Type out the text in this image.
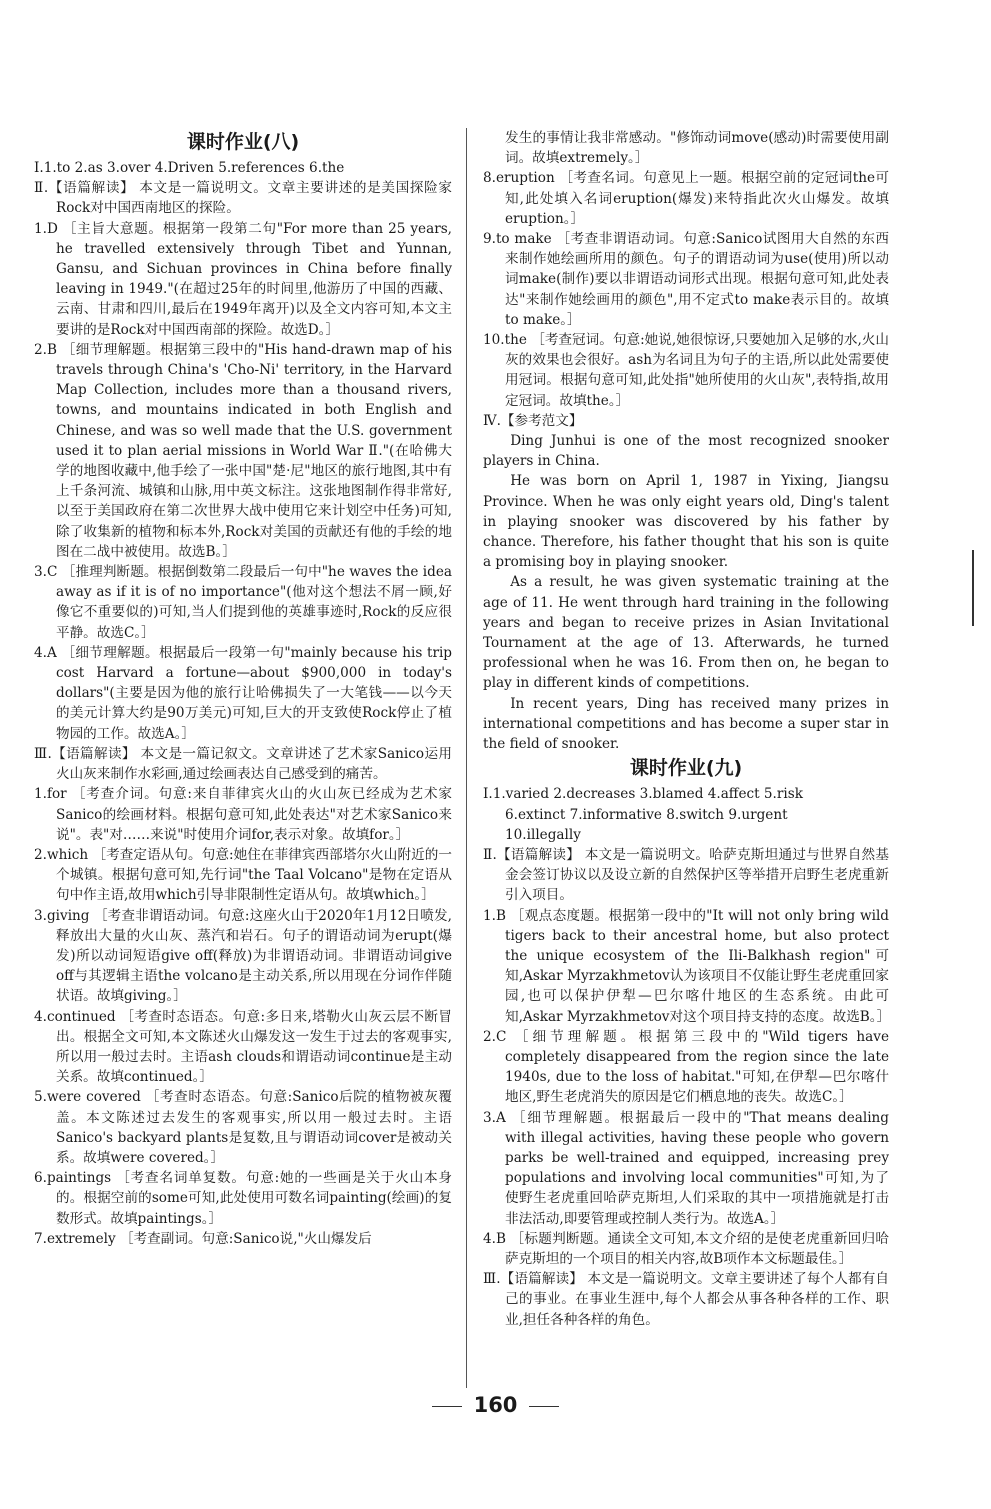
课时作业(八)

Ⅰ.1.to 2.as 3.over 4.Driven 5.references 6.the

Ⅱ.【语篇解读】 本文是一篇说明文。文章主要讲述的是美国探险家Rock对中国西南地区的探险。

1.D ［主旨大意题。根据第一段第二句"For more than 25 years, he travelled extensively through Tibet and Yunnan, Gansu, and Sichuan provinces in China before finally leaving in 1949."(在超过25年的时间里,他游历了中国的西藏、云南、甘肃和四川,最后在1949年离开)以及全文内容可知,本文主要讲的是Rock对中国西南部的探险。故选D。］

2.B ［细节理解题。根据第三段中的"His hand-drawn map of his travels through China's 'Cho-Ni' territory, in the Harvard Map Collection, includes more than a thousand rivers, towns, and mountains indicated in both English and Chinese, and was so well made that the U.S. government used it to plan aerial missions in World War Ⅱ."(在哈佛大学的地图收藏中,他手绘了一张中国"楚·尼"地区的旅行地图,其中有上千条河流、城镇和山脉,用中英文标注。这张地图制作得非常好,以至于美国政府在第二次世界大战中使用它来计划空中任务)可知,除了收集新的植物和标本外,Rock对美国的贡献还有他的手绘的地图在二战中被使用。故选B。］

3.C ［推理判断题。根据倒数第二段最后一句中"he waves the idea away as if it is of no importance"(他对这个想法不屑一顾,好像它不重要似的)可知,当人们提到他的英雄事迹时,Rock的反应很平静。故选C。］

4.A ［细节理解题。根据最后一段第一句"mainly because his trip cost Harvard a fortune—about $900,000 in today's dollars"(主要是因为他的旅行让哈佛损失了一大笔钱——以今天的美元计算大约是90万美元)可知,巨大的开支致使Rock停止了植物园的工作。故选A。］

Ⅲ.【语篇解读】 本文是一篇记叙文。文章讲述了艺术家Sanico运用火山灰来制作水彩画,通过绘画表达自己感受到的痛苦。

1.for ［考查介词。句意:来自菲律宾火山的火山灰已经成为艺术家Sanico的绘画材料。根据句意可知,此处表达"对艺术家Sanico来说"。表"对……来说"时使用介词for,表示对象。故填for。］

2.which ［考查定语从句。句意:她住在菲律宾西部塔尔火山附近的一个城镇。根据句意可知,先行词"the Taal Volcano"是物在定语从句中作主语,故用which引导非限制性定语从句。故填which。］

3.giving ［考查非谓语动词。句意:这座火山于2020年1月12日喷发,释放出大量的火山灰、蒸汽和岩石。句子的谓语动词为erupt(爆发)所以动词短语give off(释放)为非谓语动词。非谓语动词give off与其逻辑主语the volcano是主动关系,所以用现在分词作伴随状语。故填giving。］

4.continued ［考查时态语态。句意:多日来,塔勒火山灰云层不断冒出。根据全文可知,本文陈述火山爆发这一发生于过去的客观事实,所以用一般过去时。主语ash clouds和谓语动词continue是主动关系。故填continued。］

5.were covered ［考查时态语态。句意:Sanico后院的植物被灰覆盖。本文陈述过去发生的客观事实,所以用一般过去时。主语Sanico's backyard plants是复数,且与谓语动词cover是被动关系。故填were covered。］

6.paintings ［考查名词单复数。句意:她的一些画是关于火山本身的。根据空前的some可知,此处使用可数名词painting(绘画)的复数形式。故填paintings。］

7.extremely ［考查副词。句意:Sanico说,"火山爆发后

发生的事情让我非常感动。"修饰动词move(感动)时需要使用副词。故填extremely。］

8.eruption ［考查名词。句意见上一题。根据空前的定冠词the可知,此处填入名词eruption(爆发)来特指此次火山爆发。故填eruption。］

9.to make ［考查非谓语动词。句意:Sanico试图用大自然的东西来制作她绘画所用的颜色。句子的谓语动词为use(使用)所以动词make(制作)要以非谓语动词形式出现。根据句意可知,此处表达"来制作她绘画用的颜色",用不定式to make表示目的。故填to make。］

10.the ［考查冠词。句意:她说,她很惊讶,只要她加入足够的水,火山灰的效果也会很好。ash为名词且为句子的主语,所以此处需要使用冠词。根据句意可知,此处指"她所使用的火山灰",表特指,故用定冠词。故填the。］

Ⅳ.【参考范文】

Ding Junhui is one of the most recognized snooker players in China.

He was born on April 1, 1987 in Yixing, Jiangsu Province. When he was only eight years old, Ding's talent in playing snooker was discovered by his father by chance. Therefore, his father thought that his son is quite a promising boy in playing snooker.

As a result, he was given systematic training at the age of 11. He went through hard training in the following years and began to receive prizes in Asian Invitational Tournament at the age of 13. Afterwards, he turned professional when he was 16. From then on, he began to play in different kinds of competitions.

In recent years, Ding has received many prizes in international competitions and has become a super star in the field of snooker.

课时作业(九)

Ⅰ.1.varied 2.decreases 3.blamed 4.affect 5.risk

6.extinct 7.informative 8.switch 9.urgent

10.illegally

Ⅱ.【语篇解读】 本文是一篇说明文。哈萨克斯坦通过与世界自然基金会签订协议以及设立新的自然保护区等举措开启野生老虎重新引入项目。

1.B ［观点态度题。根据第一段中的"It will not only bring wild tigers back to their ancestral home, but also protect the unique ecosystem of the Ili-Balkhash region"可知,Askar Myrzakhmetov认为该项目不仅能让野生老虎重回家园,也可以保护伊犁—巴尔喀什地区的生态系统。由此可知,Askar Myrzakhmetov对这个项目持支持的态度。故选B。］

2.C ［细节理解题。根据第三段中的"Wild tigers have completely disappeared from the region since the late 1940s, due to the loss of habitat."可知,在伊犁—巴尔喀什地区,野生老虎消失的原因是它们栖息地的丧失。故选C。］

3.A ［细节理解题。根据最后一段中的"That means dealing with illegal activities, having these people who govern parks be well-trained and equipped, increasing prey populations and involving local communities"可知,为了使野生老虎重回哈萨克斯坦,人们采取的其中一项措施就是打击非法活动,即要管理或控制人类行为。故选A。］

4.B ［标题判断题。通读全文可知,本文介绍的是使老虎重新回归哈萨克斯坦的一个项目的相关内容,故B项作本文标题最佳。］

Ⅲ.【语篇解读】 本文是一篇说明文。文章主要讲述了每个人都有自己的事业。在事业生涯中,每个人都会从事各种各样的工作、职业,担任各种各样的角色。

160
